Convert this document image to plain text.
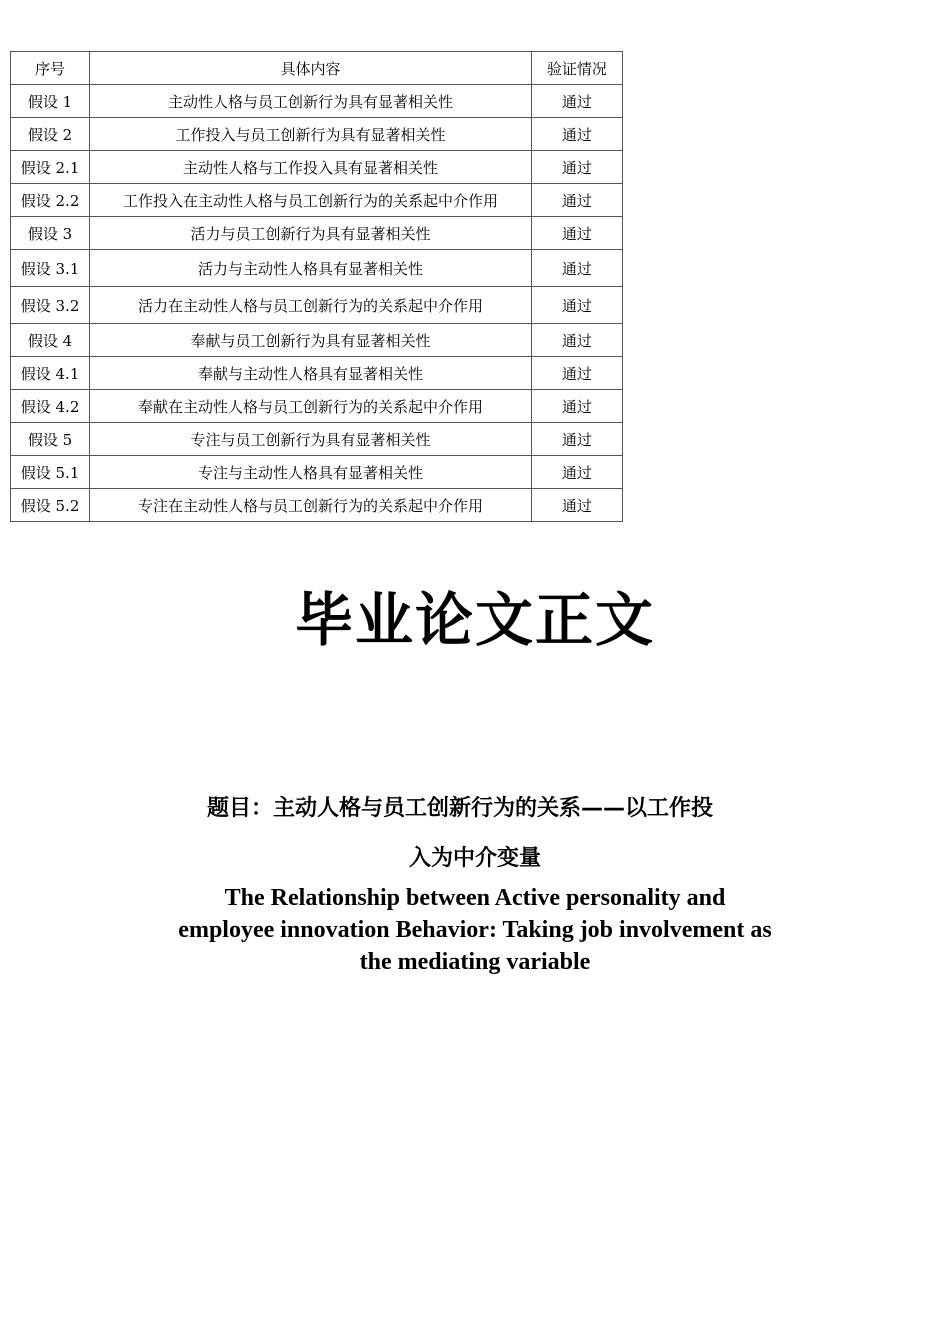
序号	具体内容	验证情况
假设 1	主动性人格与员工创新行为具有显著相关性	通过
假设 2	工作投入与员工创新行为具有显著相关性	通过
假设 2.1	主动性人格与工作投入具有显著相关性	通过
假设 2.2	工作投入在主动性人格与员工创新行为的关系起中介作用	通过
假设 3	活力与员工创新行为具有显著相关性	通过
假设 3.1	活力与主动性人格具有显著相关性	通过
假设 3.2	活力在主动性人格与员工创新行为的关系起中介作用	通过
假设 4	奉献与员工创新行为具有显著相关性	通过
假设 4.1	奉献与主动性人格具有显著相关性	通过
假设 4.2	奉献在主动性人格与员工创新行为的关系起中介作用	通过
假设 5	专注与员工创新行为具有显著相关性	通过
假设 5.1	专注与主动性人格具有显著相关性	通过
假设 5.2	专注在主动性人格与员工创新行为的关系起中介作用	通过
毕业论文正文
题目：主动人格与员工创新行为的关系——以工作投
入为中介变量
The Relationship between Active personality and
employee innovation Behavior: Taking job involvement as
the mediating variable
